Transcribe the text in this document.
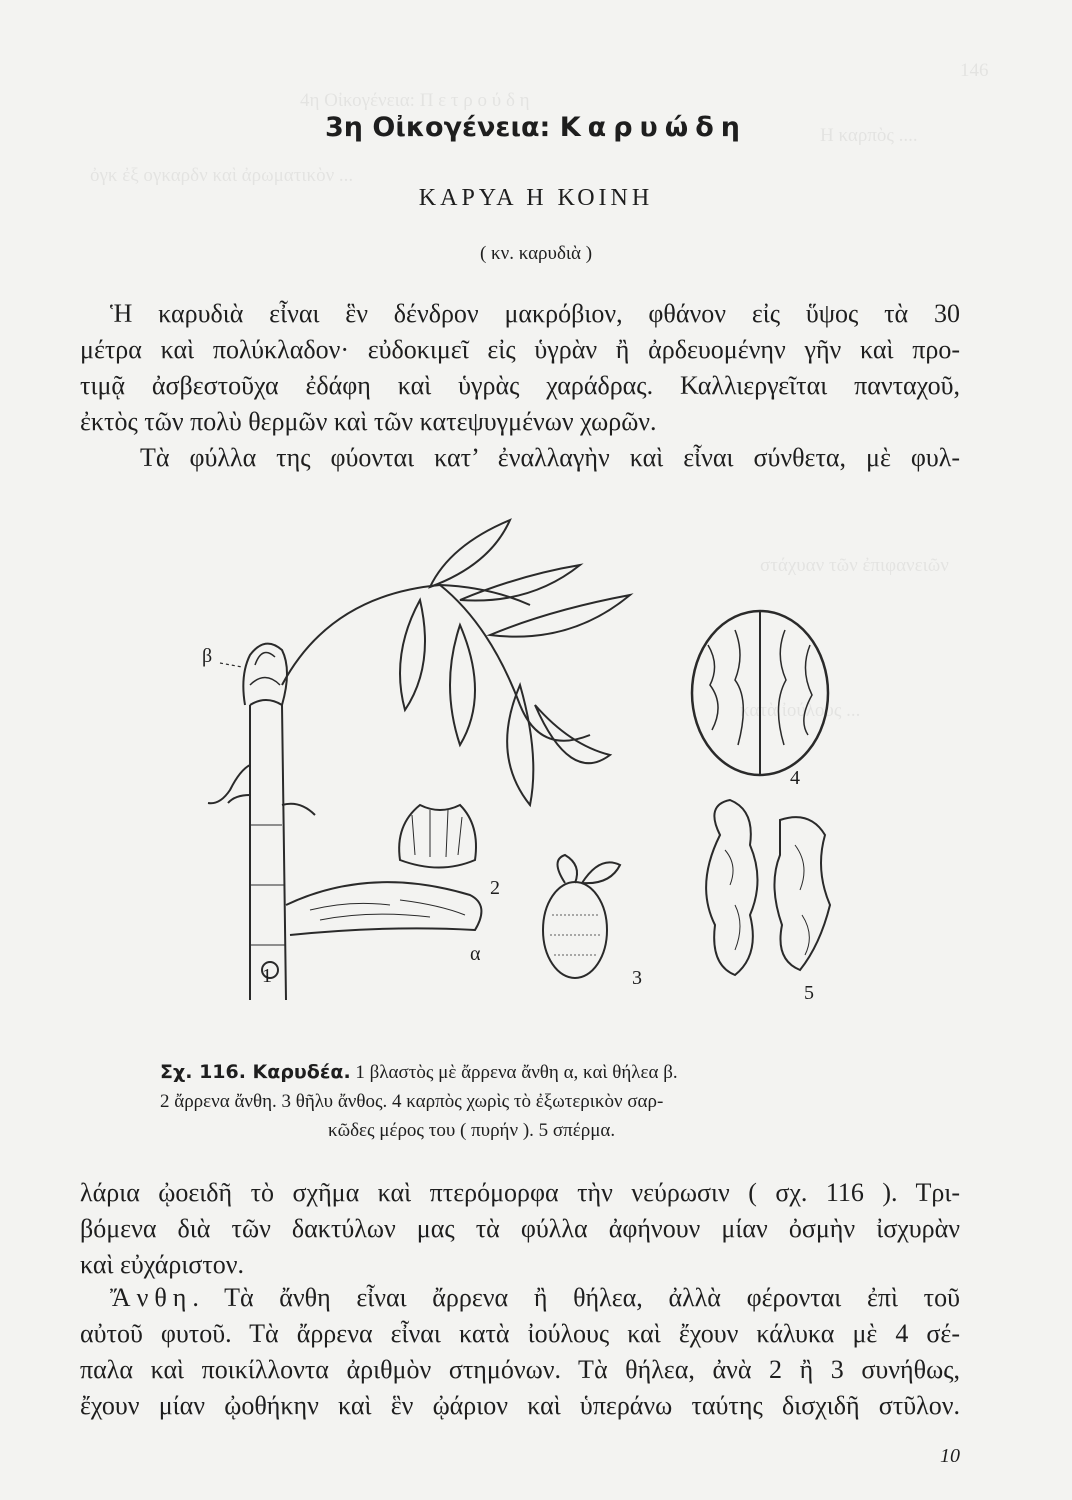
146
4η Οἰκογένεια: Π ε τ ρ ο ύ δ η
Η καρπὸς ....
ὀγκ ἐξ ογκαρδν καὶ ἀρωματικὸν ...
στάχυαν τῶν ἐπιφανειῶν
κατὰ ἰούλους ...
3η Οἰκογένεια: Καρυώδη
ΚΑΡΥΑ Η ΚΟΙΝΗ
( κν. καρυδιὰ )
Ἡ καρυδιὰ εἶναι ἓν δένδρον μακρόβιον, φθάνον εἰς ὕψος τὰ 30
μέτρα καὶ πολύκλαδον· εὐδοκιμεῖ εἰς ὑγρὰν ἢ ἀρδευομένην γῆν καὶ προ-
τιμᾷ ἀσβεστοῦχα ἐδάφη καὶ ὑγρὰς χαράδρας. Καλλιεργεῖται πανταχοῦ,
ἐκτὸς τῶν πολὺ θερμῶν καὶ τῶν κατεψυγμένων χωρῶν.
Τὰ φύλλα της φύονται κατ’ ἐναλλαγὴν καὶ εἶναι σύνθετα, μὲ φυλ-
β
α
1
2
3
4
5
Σχ. 116. Καρυδέα. 1 βλαστὸς μὲ ἄρρενα ἄνθη α, καὶ θήλεα β.
2 ἄρρενα ἄνθη. 3 θῆλυ ἄνθος. 4 καρπὸς χωρὶς τὸ ἐξωτερικὸν σαρ-
κῶδες μέρος του ( πυρήν ). 5 σπέρμα.
λάρια ᾠοειδῆ τὸ σχῆμα καὶ πτερόμορφα τὴν νεύρωσιν ( σχ. 116 ). Τρι-
βόμενα διὰ τῶν δακτύλων μας τὰ φύλλα ἀφήνουν μίαν ὀσμὴν ἰσχυρὰν
καὶ εὐχάριστον.
Ἄνθη. Τὰ ἄνθη εἶναι ἄρρενα ἢ θήλεα, ἀλλὰ φέρονται ἐπὶ τοῦ
αὐτοῦ φυτοῦ. Τὰ ἄρρενα εἶναι κατὰ ἰούλους καὶ ἔχουν κάλυκα μὲ 4 σέ-
παλα καὶ ποικίλλοντα ἀριθμὸν στημόνων. Τὰ θήλεα, ἀνὰ 2 ἢ 3 συνήθως,
ἔχουν μίαν ᾠοθήκην καὶ ἓν ᾠάριον καὶ ὑπεράνω ταύτης δισχιδῆ στῦλον.
10
